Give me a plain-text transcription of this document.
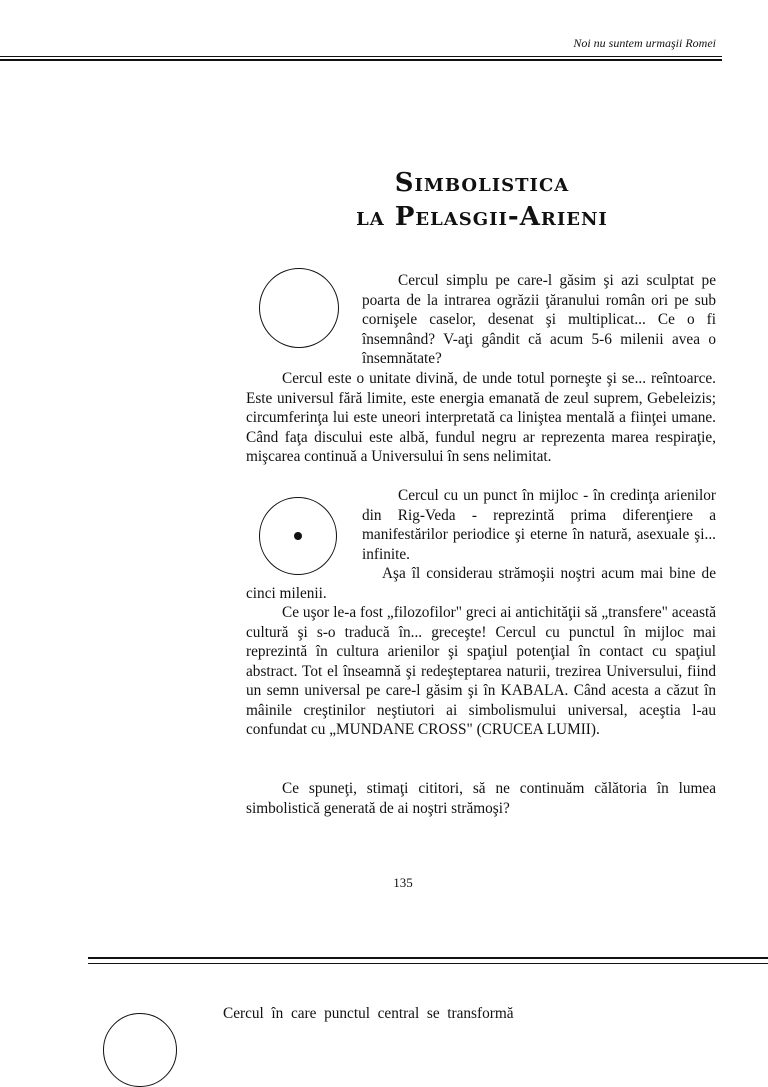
Noi nu suntem urmaşii Romei
Simbolistica
la Pelasgii-Arieni

Cercul simplu pe care-l găsim şi azi sculptat pe poarta de la intrarea ogrăzii ţăranului român ori pe sub cornişele caselor, desenat şi multiplicat... Ce o fi însemnând? V-aţi gândit că acum 5-6 milenii avea o însemnătate?

Cercul este o unitate divină, de unde totul porneşte şi se... reîntoarce. Este universul fără limite, este energia emanată de zeul suprem, Gebeleizis; circumferinţa lui este uneori interpretată ca liniştea mentală a fiinţei umane. Când faţa discului este albă, fundul negru ar reprezenta marea respiraţie, mişcarea continuă a Universului în sens nelimitat.

Cercul cu un punct în mijloc - în credinţa arienilor din Rig-Veda - reprezintă prima diferenţiere a manifestărilor periodice şi eterne în natură, asexuale şi... infinite.

Aşa îl considerau strămoşii noştri acum mai bine de cinci milenii.

Ce uşor le-a fost „filozofilor" greci ai antichităţii să „transfere" această cultură şi s-o traducă în... greceşte! Cercul cu punctul în mijloc mai reprezintă în cultura arienilor şi spaţiul potenţial în contact cu spaţiul abstract. Tot el înseamnă şi redeşteptarea naturii, trezirea Universului, fiind un semn universal pe care-l găsim şi în KABALA. Când acesta a căzut în mâinile creştinilor neştiutori ai simbolismului universal, aceştia l-au confundat cu „MUNDANE CROSS" (CRUCEA LUMII).

Ce spuneţi, stimaţi cititori, să ne continuăm călătoria în lumea simbolistică generată de ai noştri strămoşi?

135
Cercul  în  care  punctul  central  se  transformă
